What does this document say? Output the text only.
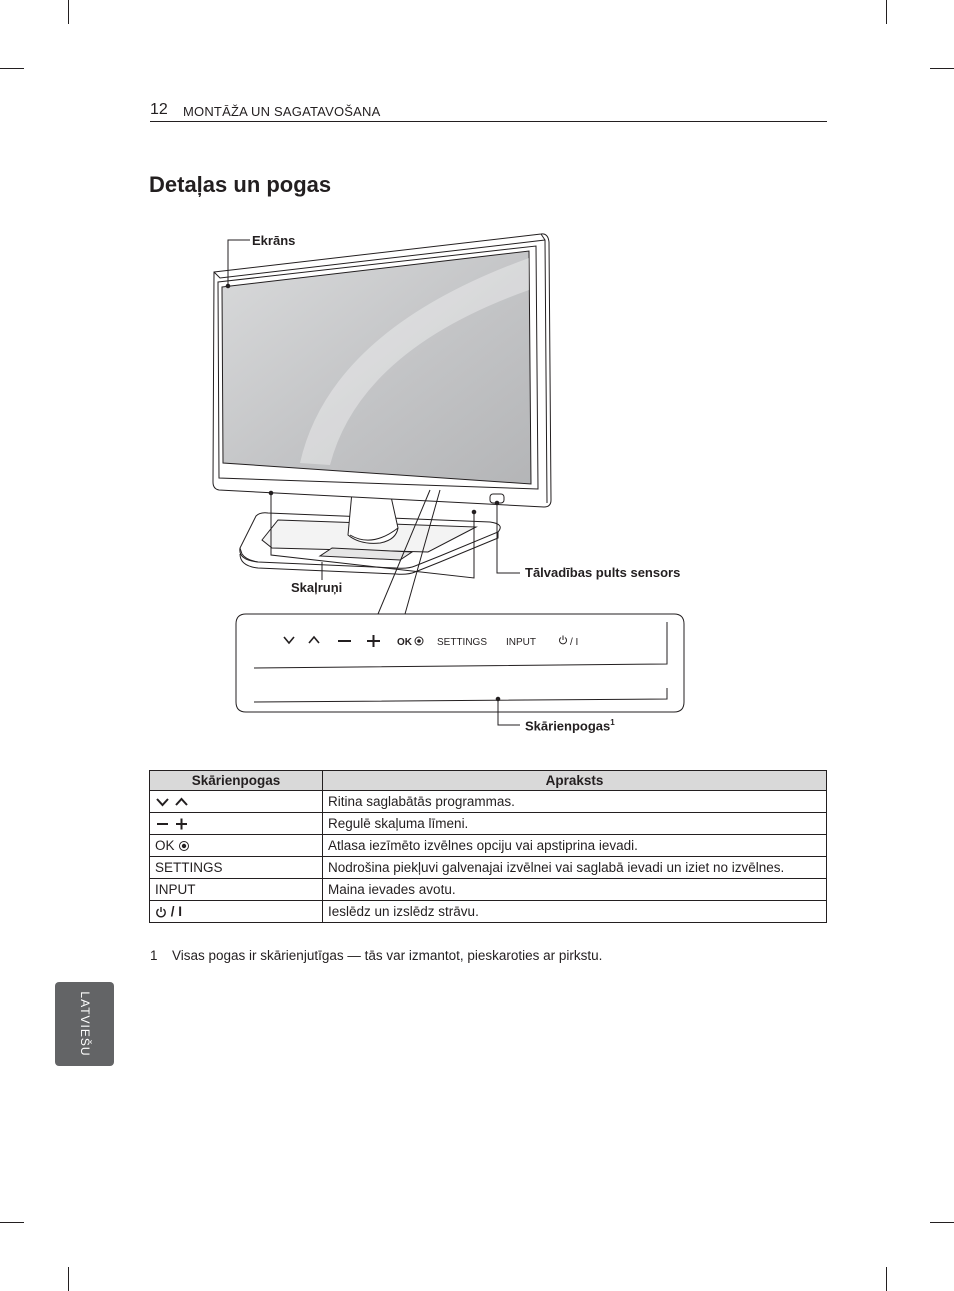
12 MONTĀŽA UN SAGATAVOŠANA
Detaļas un pogas
OK	SETTINGS INPUT	/ I
Ekrāns
Skaļruņi
Tālvadības pults sensors
Skārienpogas$^1$
Skārienpogas	Apraksts
	Ritina saglabātās programmas.
	Regulē skaļuma līmeni.
OK	Atlasa iezīmēto izvēlnes opciju vai apstiprina ievadi.
SETTINGS	Nodrošina piekļuvi galvenajai izvēlnei vai saglabā ievadi un iziet no izvēlnes.
INPUT	Maina ievades avotu.
/ I	Ieslēdz un izslēdz strāvu.
1 Visas pogas ir skārienjutīgas — tās var izmantot, pieskaroties ar pirkstu.
LATVIEŠU
